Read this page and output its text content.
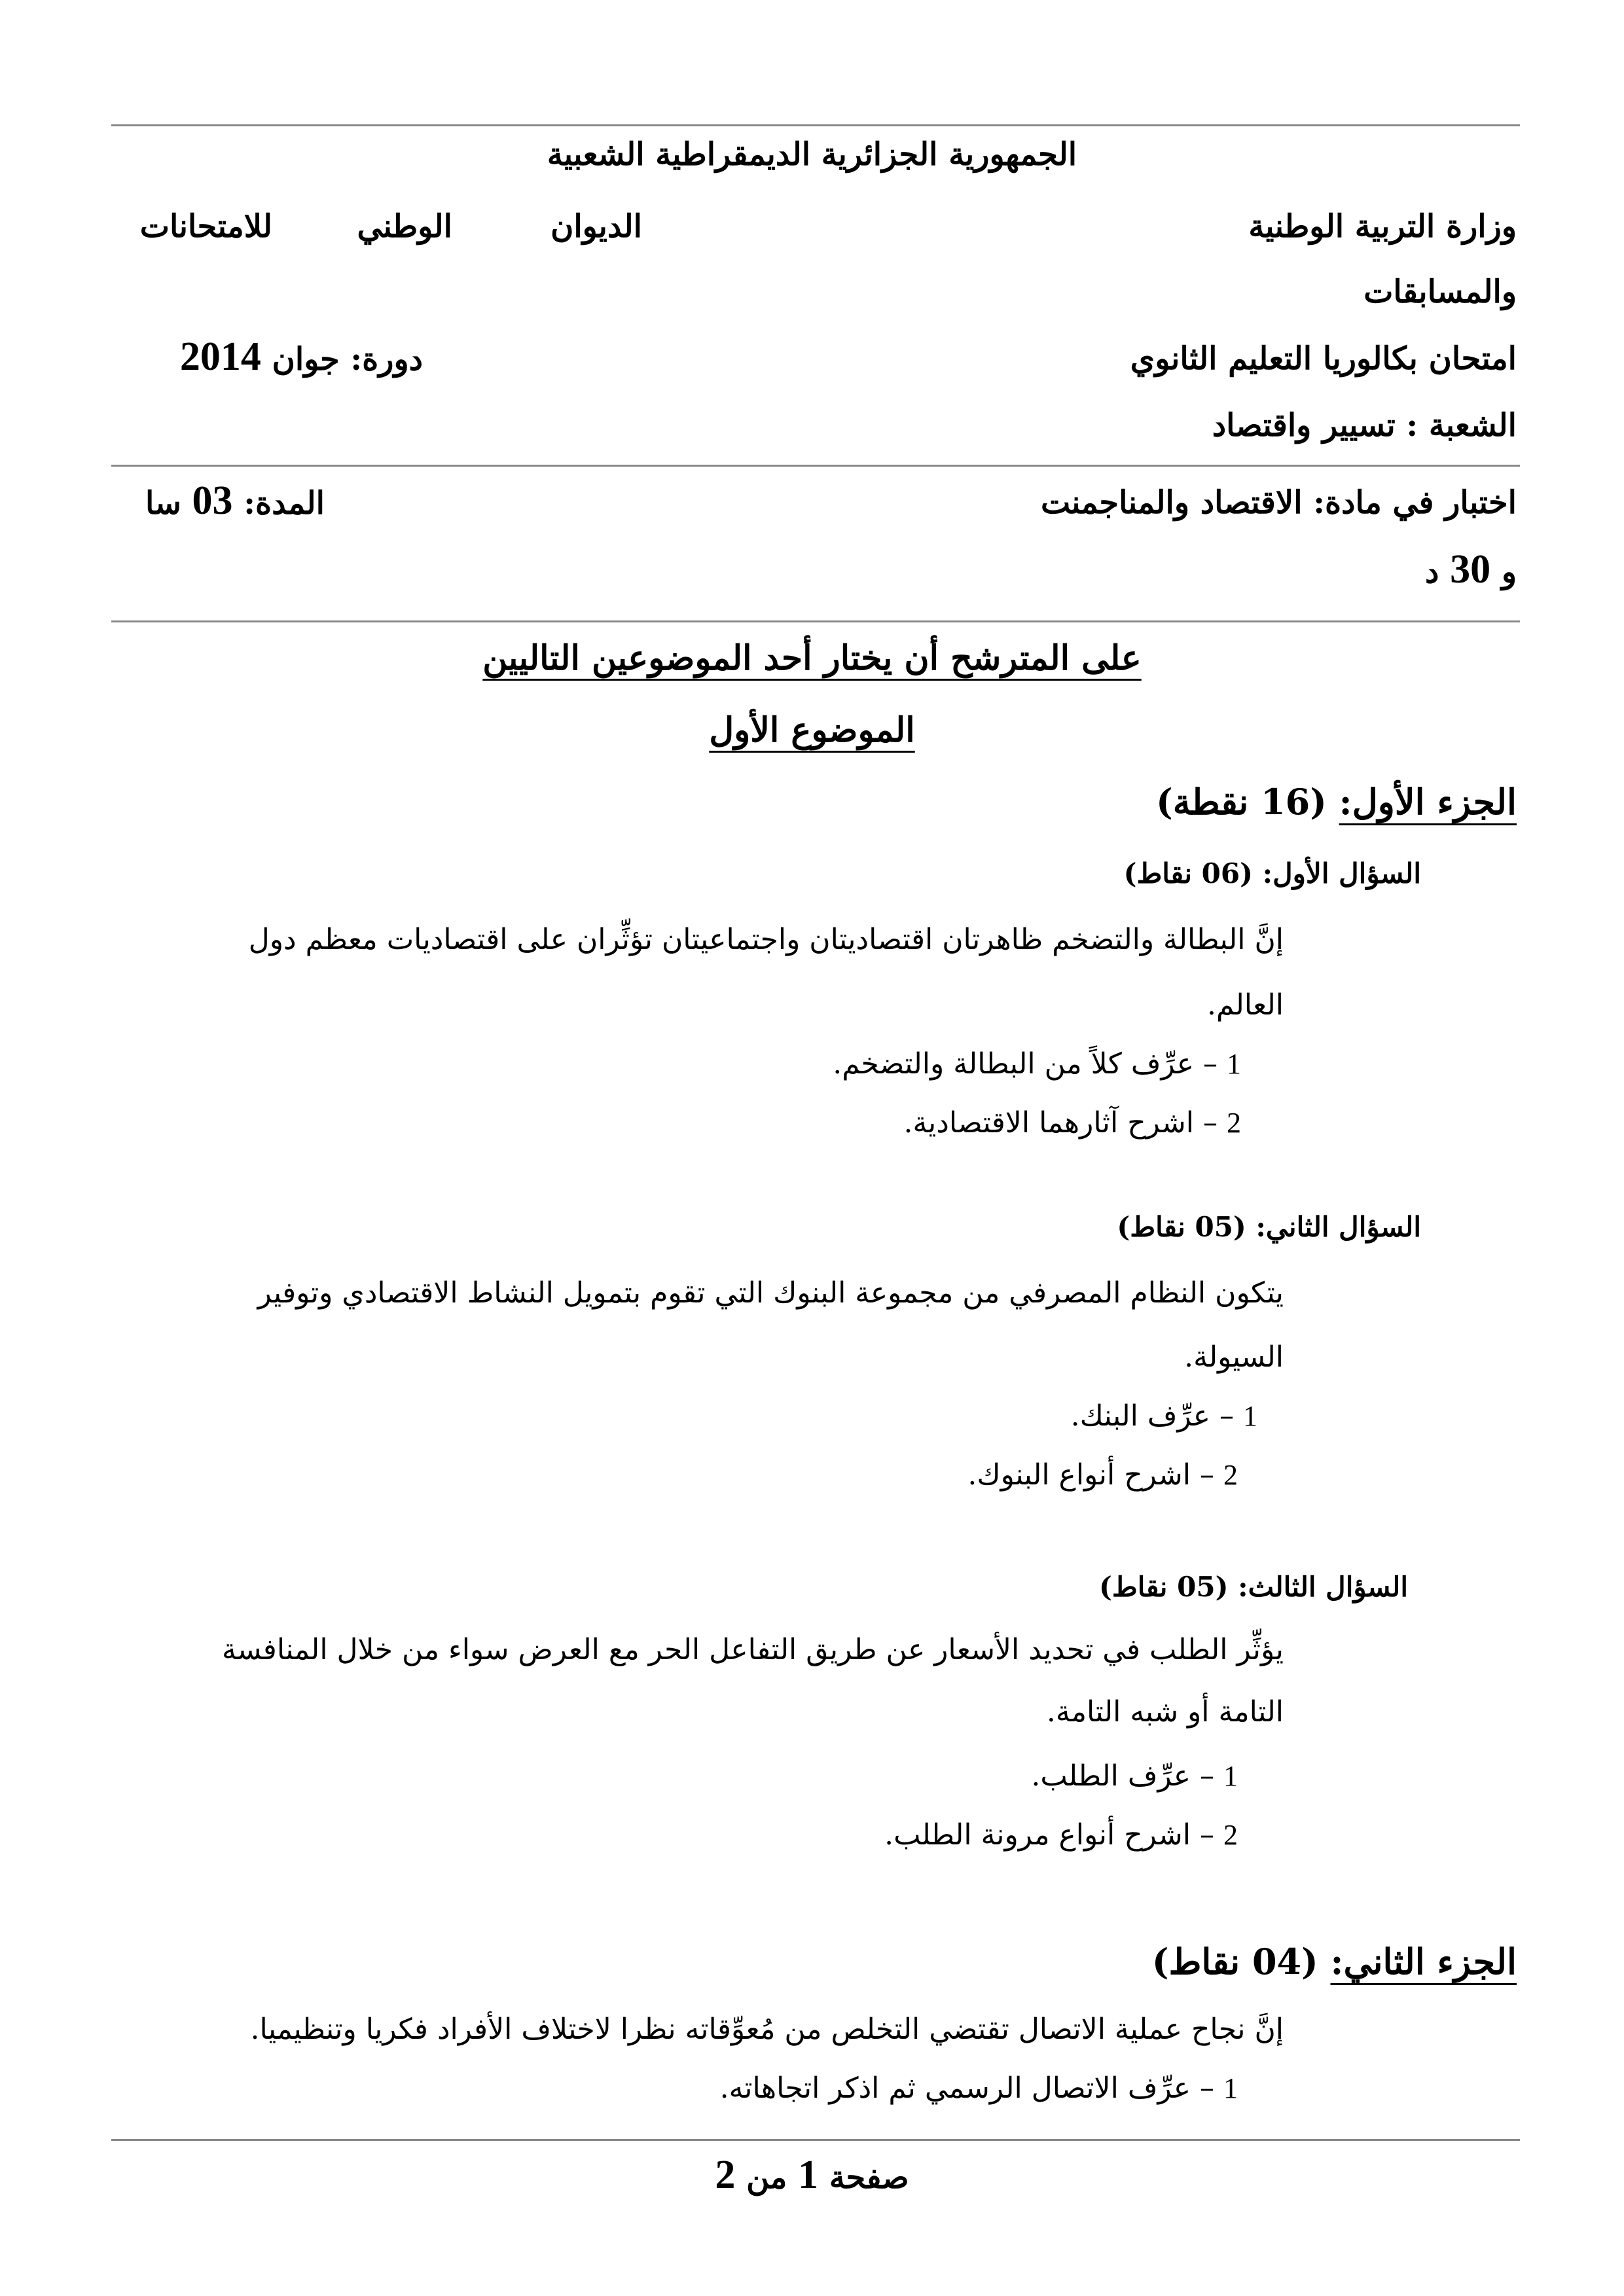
الجمهورية الجزائرية الديمقراطية الشعبية
وزارة التربية الوطنية
الديوان
الوطني
للامتحانات
والمسابقات
امتحان بكالوريا التعليم الثانوي
دورة: جوان 2014
الشعبة : تسيير واقتصاد
اختبار في مادة: الاقتصاد والمناجمنت
المدة: 03 سا
و 30 د
على المترشح أن يختار أحد الموضوعين التاليين
الموضوع الأول
الجزء الأول: (16 نقطة)
السؤال الأول: (06 نقاط)
إنَّ البطالة والتضخم ظاهرتان اقتصاديتان واجتماعيتان تؤثِّران على اقتصاديات معظم دول
العالم.
1 – عرِّف كلاً من البطالة والتضخم.
2 – اشرح آثارهما الاقتصادية.
السؤال الثاني: (05 نقاط)
يتكون النظام المصرفي من مجموعة البنوك التي تقوم بتمويل النشاط الاقتصادي وتوفير
السيولة.
1 – عرِّف البنك.
2 – اشرح أنواع البنوك.
السؤال الثالث: (05 نقاط)
يؤثِّر الطلب في تحديد الأسعار عن طريق التفاعل الحر مع العرض سواء من خلال المنافسة
التامة أو شبه التامة.
1 – عرِّف الطلب.
2 – اشرح أنواع مرونة الطلب.
الجزء الثاني: (04 نقاط)
إنَّ نجاح عملية الاتصال تقتضي التخلص من مُعوِّقاته نظرا لاختلاف الأفراد فكريا وتنظيميا.
1 – عرِّف الاتصال الرسمي ثم اذكر اتجاهاته.
صفحة 1 من 2
